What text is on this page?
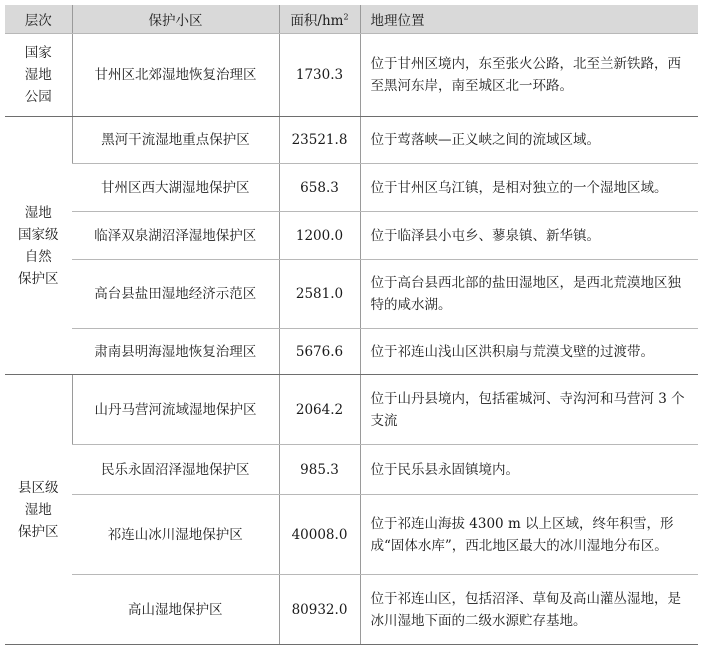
层次	保护小区	面积$/hm^2$	地理位置

国家
湿地
公园	甘州区北郊湿地恢复治理区	1730.3	位于甘州区境内，东至张火公路，北至兰新铁路，西至黑河东岸，南至城区北一环路。

湿地
国家级
自然
保护区	黑河干流湿地重点保护区	23521.8	位于莺落峡—正义峡之间的流域区域。
	甘州区西大湖湿地保护区	658.3	位于甘州区乌江镇，是相对独立的一个湿地区域。
	临泽双泉湖沼泽湿地保护区	1200.0	位于临泽县小屯乡、蓼泉镇、新华镇。
	高台县盐田湿地经济示范区	2581.0	位于高台县西北部的盐田湿地区，是西北荒漠地区独特的咸水湖。
	肃南县明海湿地恢复治理区	5676.6	位于祁连山浅山区洪积扇与荒漠戈壁的过渡带。

县区级
湿地
保护区	山丹马营河流域湿地保护区	2064.2	位于山丹县境内，包括霍城河、寺沟河和马营河 3 个支流
	民乐永固沼泽湿地保护区	985.3	位于民乐县永固镇境内。
	祁连山冰川湿地保护区	40008.0	位于祁连山海拔 4300 m 以上区域，终年积雪，形成“固体水库”，西北地区最大的冰川湿地分布区。
	高山湿地保护区	80932.0	位于祁连山区，包括沼泽、草甸及高山灌丛湿地，是冰川湿地下面的二级水源贮存基地。
